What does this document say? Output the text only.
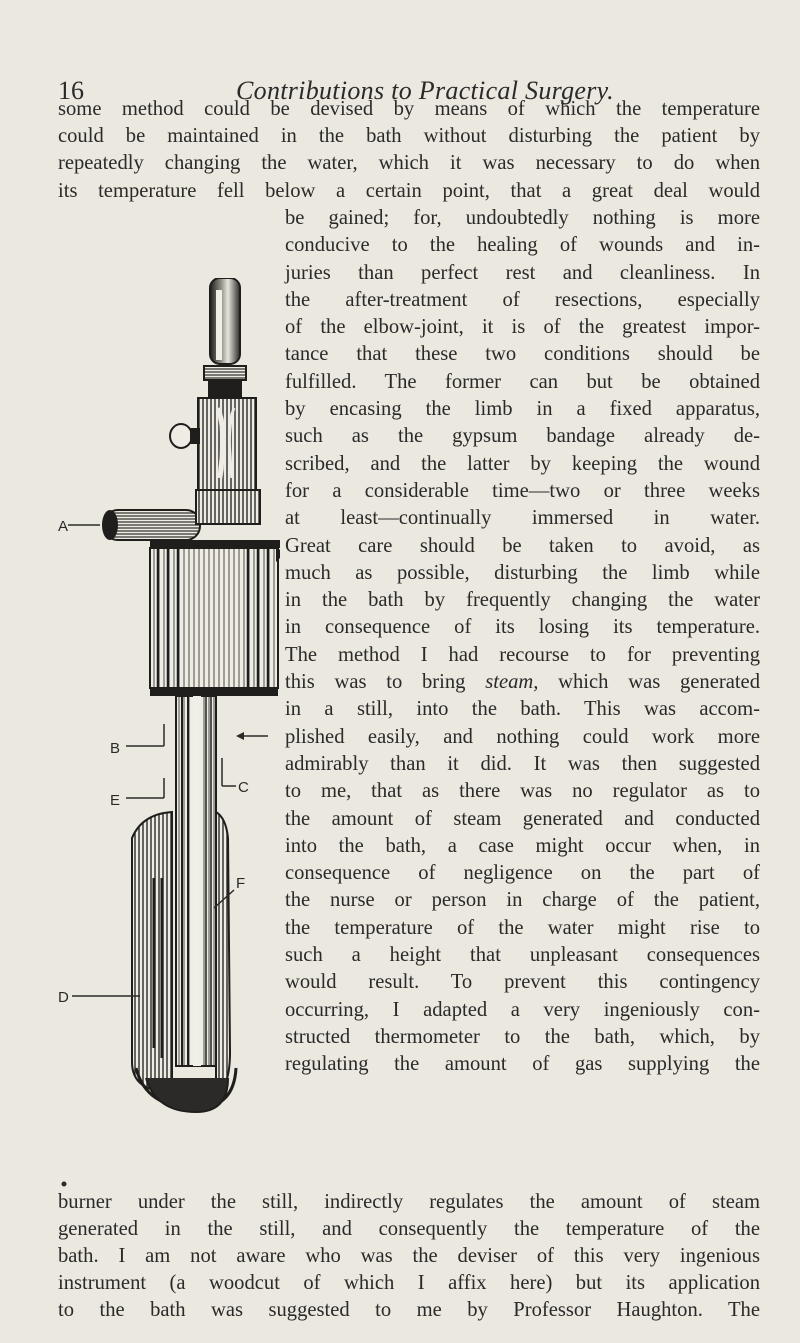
16	Contributions to Practical Surgery.
some method could be devised by means of which the temperature
could be maintained in the bath without disturbing the patient by
repeatedly changing the water, which it was necessary to do when
its temperature fell below a certain point, that a great deal would
be gained; for, undoubtedly nothing is more
conducive to the healing of wounds and in-
juries than perfect rest and cleanliness. In
the after-treatment of resections, especially
of the elbow-joint, it is of the greatest impor-
tance that these two conditions should be
fulfilled. The former can but be obtained
by encasing the limb in a fixed apparatus,
such as the gypsum bandage already de-
scribed, and the latter by keeping the wound
for a considerable time—two or three weeks
at least—continually immersed in water.
Great care should be taken to avoid, as
much as possible, disturbing the limb while
in the bath by frequently changing the water
in consequence of its losing its temperature.
The method I had recourse to for preventing
this was to bring steam, which was generated
in a still, into the bath. This was accom-
plished easily, and nothing could work more
admirably than it did. It was then suggested
to me, that as there was no regulator as to
the amount of steam generated and conducted
into the bath, a case might occur when, in
consequence of negligence on the part of
the nurse or person in charge of the patient,
the temperature of the water might rise to
such a height that unpleasant consequences
would result. To prevent this contingency
occurring, I adapted a very ingeniously con-
structed thermometer to the bath, which, by
regulating the amount of gas supplying the
burner under the still, indirectly regulates the amount of steam
generated in the still, and consequently the temperature of the
bath. I am not aware who was the deviser of this very ingenious
instrument (a woodcut of which I affix here) but its application
to the bath was suggested to me by Professor Haughton. The
A
B
E
C
F
D
